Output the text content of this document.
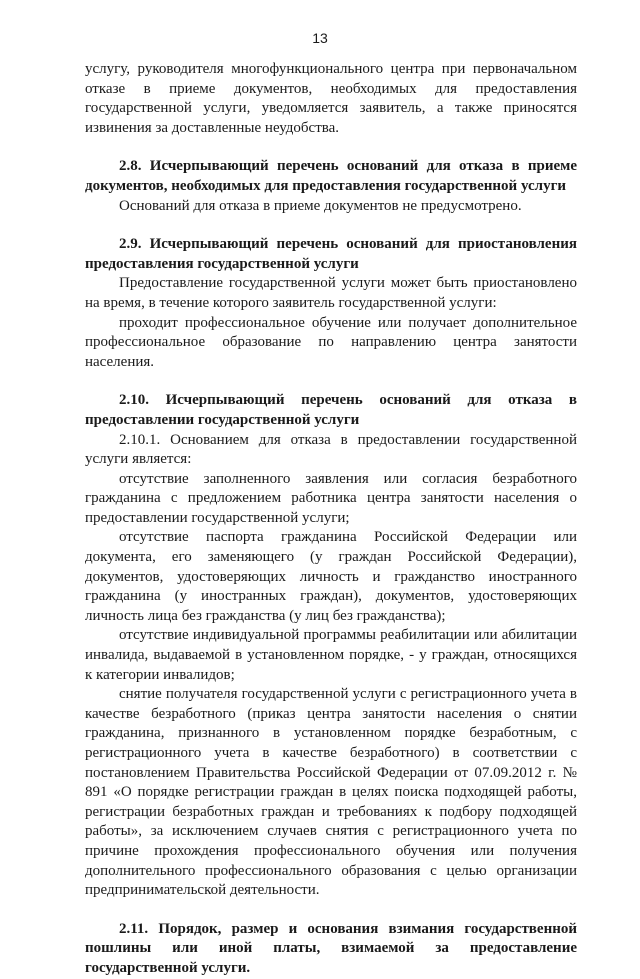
13

услугу, руководителя многофункционального центра при первоначальном отказе в приеме документов, необходимых для предоставления государственной услуги, уведомляется заявитель, а также приносятся извинения за доставленные неудобства.

2.8. Исчерпывающий перечень оснований для отказа в приеме документов, необходимых для предоставления государственной услуги

Оснований для отказа в приеме документов не предусмотрено.

2.9. Исчерпывающий перечень оснований для приостановления предоставления государственной услуги

Предоставление государственной услуги может быть приостановлено на время, в течение которого заявитель государственной услуги:

проходит профессиональное обучение или получает дополнительное профессиональное образование по направлению центра занятости населения.

2.10. Исчерпывающий перечень оснований для отказа в предоставлении государственной услуги

2.10.1. Основанием для отказа в предоставлении государственной услуги является:

отсутствие заполненного заявления или согласия безработного гражданина с предложением работника центра занятости населения о предоставлении государственной услуги;

отсутствие паспорта гражданина Российской Федерации или документа, его заменяющего (у граждан Российской Федерации), документов, удостоверяющих личность и гражданство иностранного гражданина (у иностранных граждан), документов, удостоверяющих личность лица без гражданства (у лиц без гражданства);

отсутствие индивидуальной программы реабилитации или абилитации инвалида, выдаваемой в установленном порядке, - у граждан, относящихся к категории инвалидов;

снятие получателя государственной услуги с регистрационного учета в качестве безработного (приказ центра занятости населения о снятии гражданина, признанного в установленном порядке безработным, с регистрационного учета в качестве безработного) в соответствии с постановлением Правительства Российской Федерации от 07.09.2012 г. № 891 «О порядке регистрации граждан в целях поиска подходящей работы, регистрации безработных граждан и требованиях к подбору подходящей работы», за исключением случаев снятия с регистрационного учета по причине прохождения профессионального обучения или получения дополнительного профессионального образования с целью организации предпринимательской деятельности.

2.11. Порядок, размер и основания взимания государственной пошлины или иной платы, взимаемой за предоставление государственной услуги.
